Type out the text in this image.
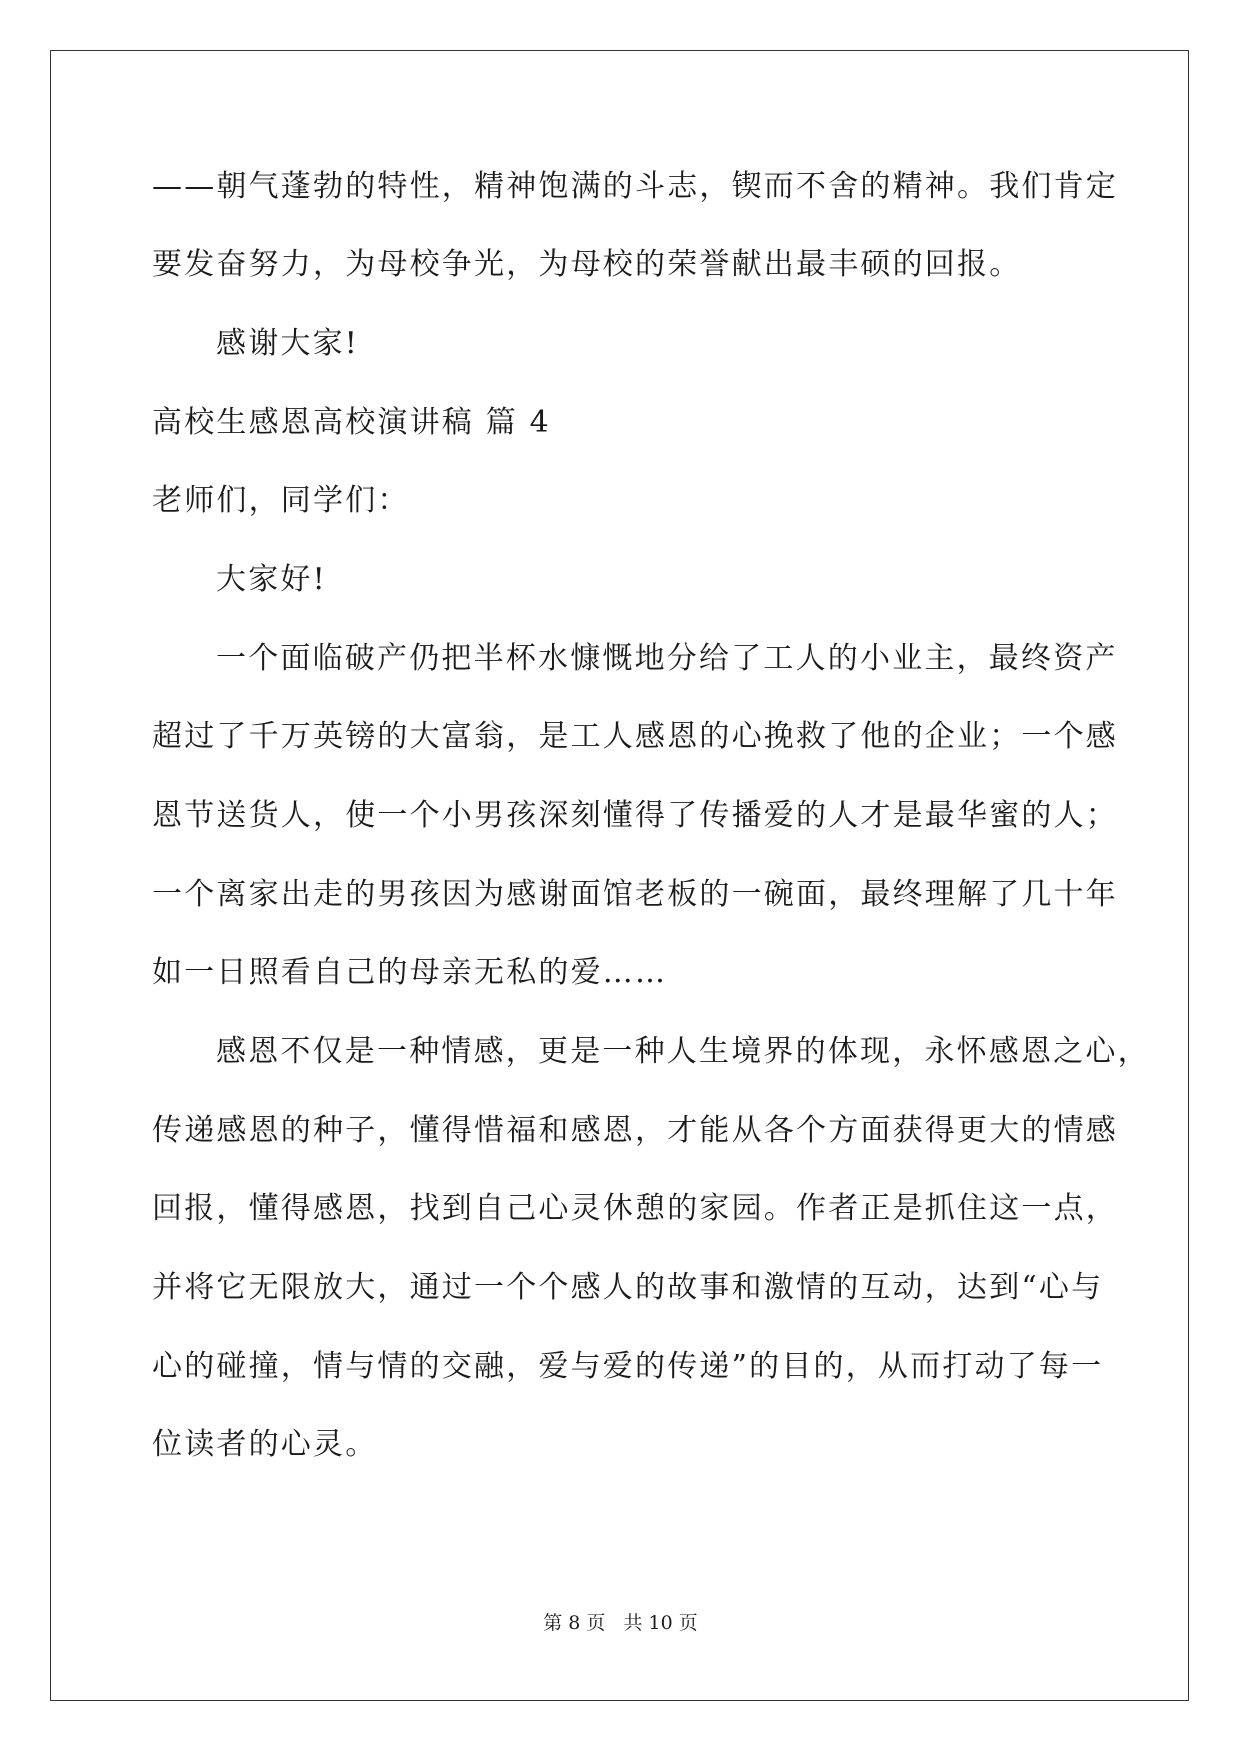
——朝气蓬勃的特性，精神饱满的斗志，锲而不舍的精神。我们肯定
要发奋努力，为母校争光，为母校的荣誉献出最丰硕的回报。
感谢大家!
高校生感恩高校演讲稿 篇 4
老师们，同学们：
大家好!
一个面临破产仍把半杯水慷慨地分给了工人的小业主，最终资产
超过了千万英镑的大富翁，是工人感恩的心挽救了他的企业；一个感
恩节送货人，使一个小男孩深刻懂得了传播爱的人才是最华蜜的人；
一个离家出走的男孩因为感谢面馆老板的一碗面，最终理解了几十年
如一日照看自己的母亲无私的爱……
感恩不仅是一种情感，更是一种人生境界的体现，永怀感恩之心，
传递感恩的种子，懂得惜福和感恩，才能从各个方面获得更大的情感
回报，懂得感恩，找到自己心灵休憩的家园。作者正是抓住这一点，
并将它无限放大，通过一个个感人的故事和激情的互动，达到“心与
心的碰撞，情与情的交融，爱与爱的传递”的目的，从而打动了每一
位读者的心灵。
第 8 页 共 10 页
